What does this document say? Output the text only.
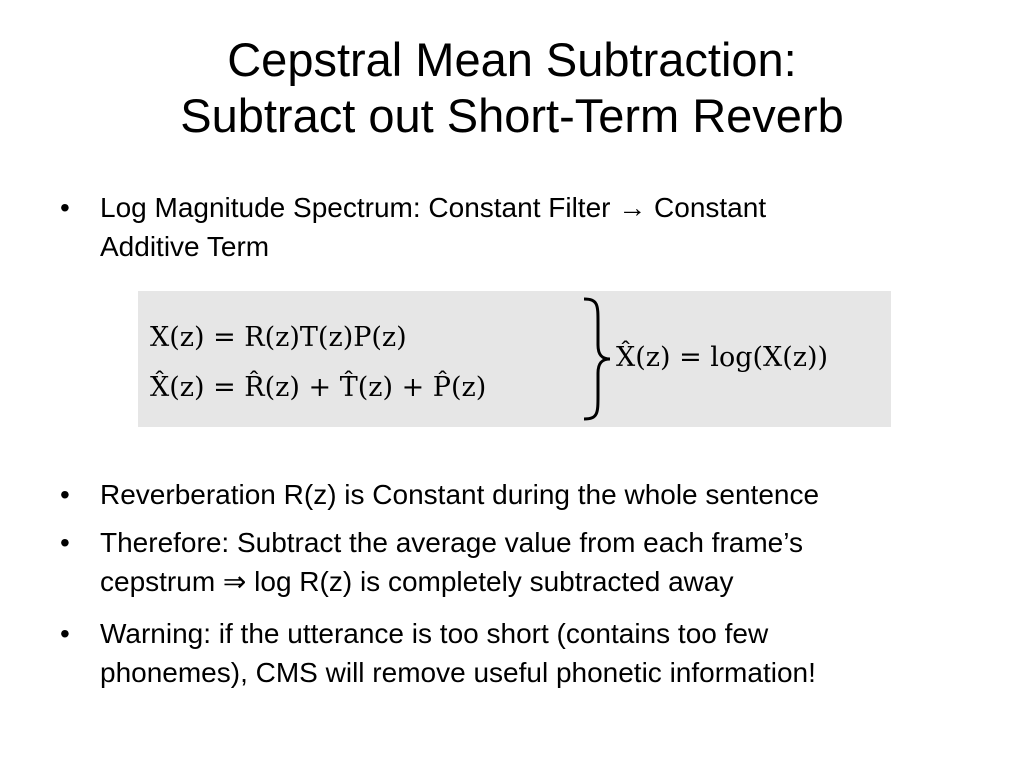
Cepstral Mean Subtraction:
Subtract out Short-Term Reverb
•	Log Magnitude Spectrum: Constant Filter → Constant
Additive Term
X(z) = R(z)T(z)P(z)
X̂(z) = R̂(z) + T̂(z) + P̂(z)
X̂(z) = log(X(z))
•	Reverberation R(z) is Constant during the whole sentence
•	Therefore: Subtract the average value from each frame’s
cepstrum ⇒ log R(z) is completely subtracted away
•	Warning: if the utterance is too short (contains too few
phonemes), CMS will remove useful phonetic information!
